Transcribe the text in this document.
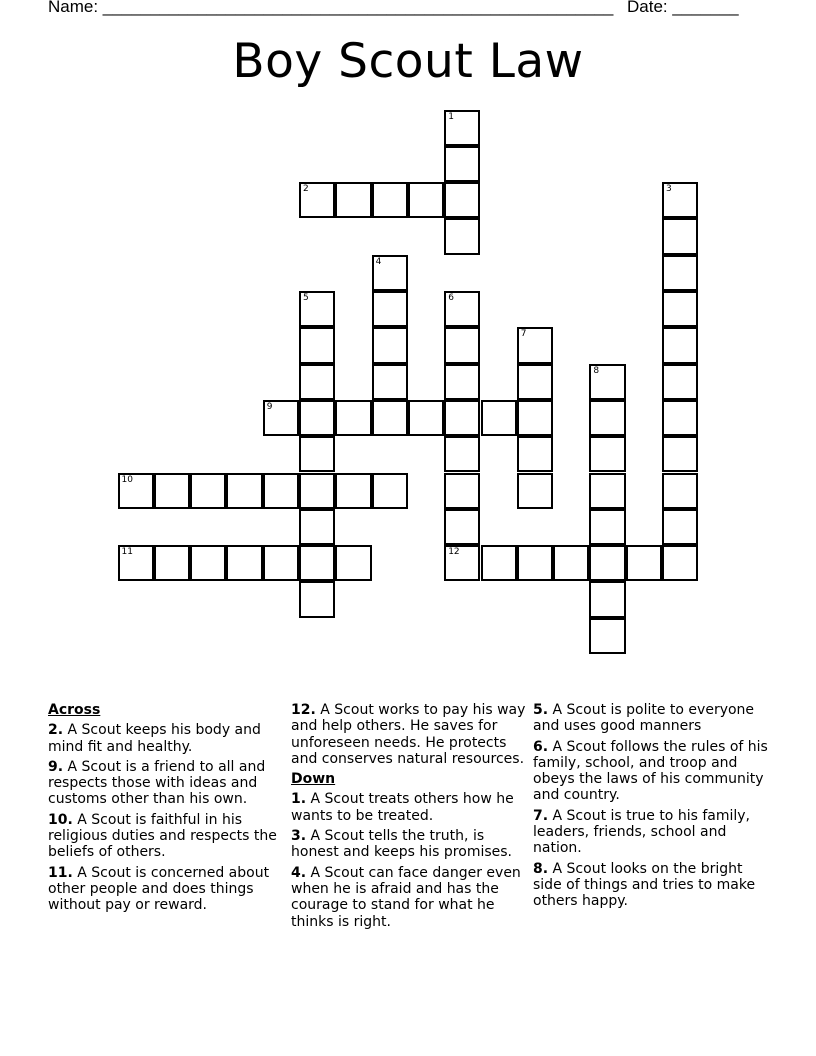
Name: ______________________________________________________ Date: _______
Boy Scout Law
1
2	3
4
5	6
12
7
8
9
10
11
Across
2. A Scout keeps his body and mind fit and healthy.
9. A Scout is a friend to all and respects those with ideas and customs other than his own.
10. A Scout is faithful in his religious duties and respects the beliefs of others.
11. A Scout is concerned about other people and does things without pay or reward.
12. A Scout works to pay his way and help others. He saves for unforeseen needs. He protects and conserves natural resources.
Down
1. A Scout treats others how he wants to be treated.
3. A Scout tells the truth, is honest and keeps his promises.
4. A Scout can face danger even when he is afraid and has the courage to stand for what he thinks is right.
5. A Scout is polite to everyone and uses good manners
6. A Scout follows the rules of his family, school, and troop and obeys the laws of his community and country.
7. A Scout is true to his family, leaders, friends, school and nation.
8. A Scout looks on the bright side of things and tries to make others happy.
